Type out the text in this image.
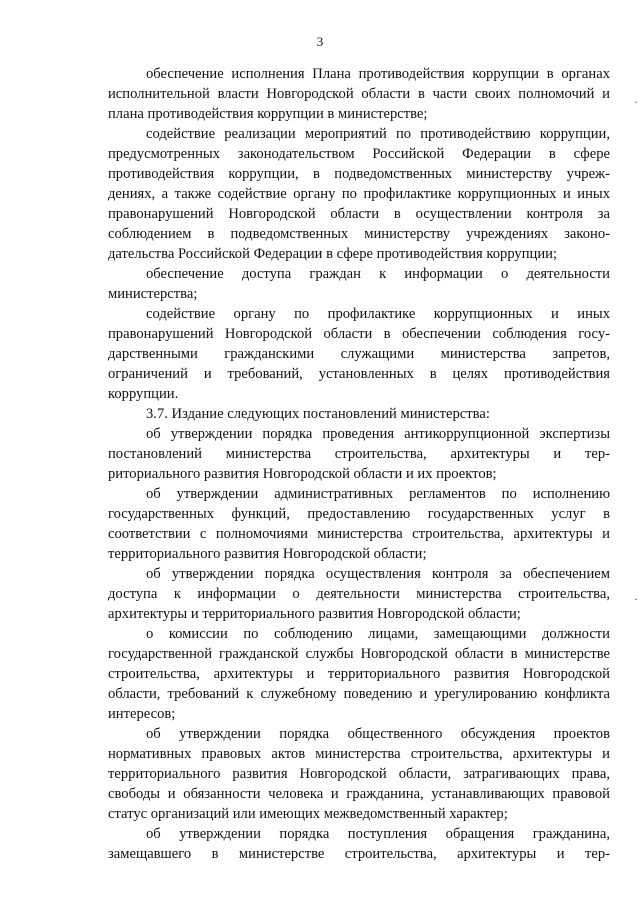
3
обеспечение исполнения Плана противодействия коррупции в органах
исполнительной власти Новгородской области в части своих полномочий и
плана противодействия коррупции в министерстве;
содействие реализации мероприятий по противодействию коррупции,
предусмотренных законодательством Российской Федерации в сфере
противодействия коррупции, в подведомственных министерству учреж-
дениях, а также содействие органу по профилактике коррупционных и иных
правонарушений Новгородской области в осуществлении контроля за
соблюдением в подведомственных министерству учреждениях законо-
дательства Российской Федерации в сфере противодействия коррупции;
обеспечение доступа граждан к информации о деятельности
министерства;
содействие органу по профилактике коррупционных и иных
правонарушений Новгородской области в обеспечении соблюдения госу-
дарственными гражданскими служащими министерства запретов,
ограничений и требований, установленных в целях противодействия
коррупции.
3.7. Издание следующих постановлений министерства:
об утверждении порядка проведения антикоррупционной экспертизы
постановлений министерства строительства, архитектуры и тер-
риториального развития Новгородской области и их проектов;
об утверждении административных регламентов по исполнению
государственных функций, предоставлению государственных услуг в
соответствии с полномочиями министерства строительства, архитектуры и
территориального развития Новгородской области;
об утверждении порядка осуществления контроля за обеспечением
доступа к информации о деятельности министерства строительства,
архитектуры и территориального развития Новгородской области;
о комиссии по соблюдению лицами, замещающими должности
государственной гражданской службы Новгородской области в министерстве
строительства, архитектуры и территориального развития Новгородской
области, требований к служебному поведению и урегулированию конфликта
интересов;
об утверждении порядка общественного обсуждения проектов
нормативных правовых актов министерства строительства, архитектуры и
территориального развития Новгородской области, затрагивающих права,
свободы и обязанности человека и гражданина, устанавливающих правовой
статус организаций или имеющих межведомственный характер;
об утверждении порядка поступления обращения гражданина,
замещавшего в министерстве строительства, архитектуры и тер-
·
·
